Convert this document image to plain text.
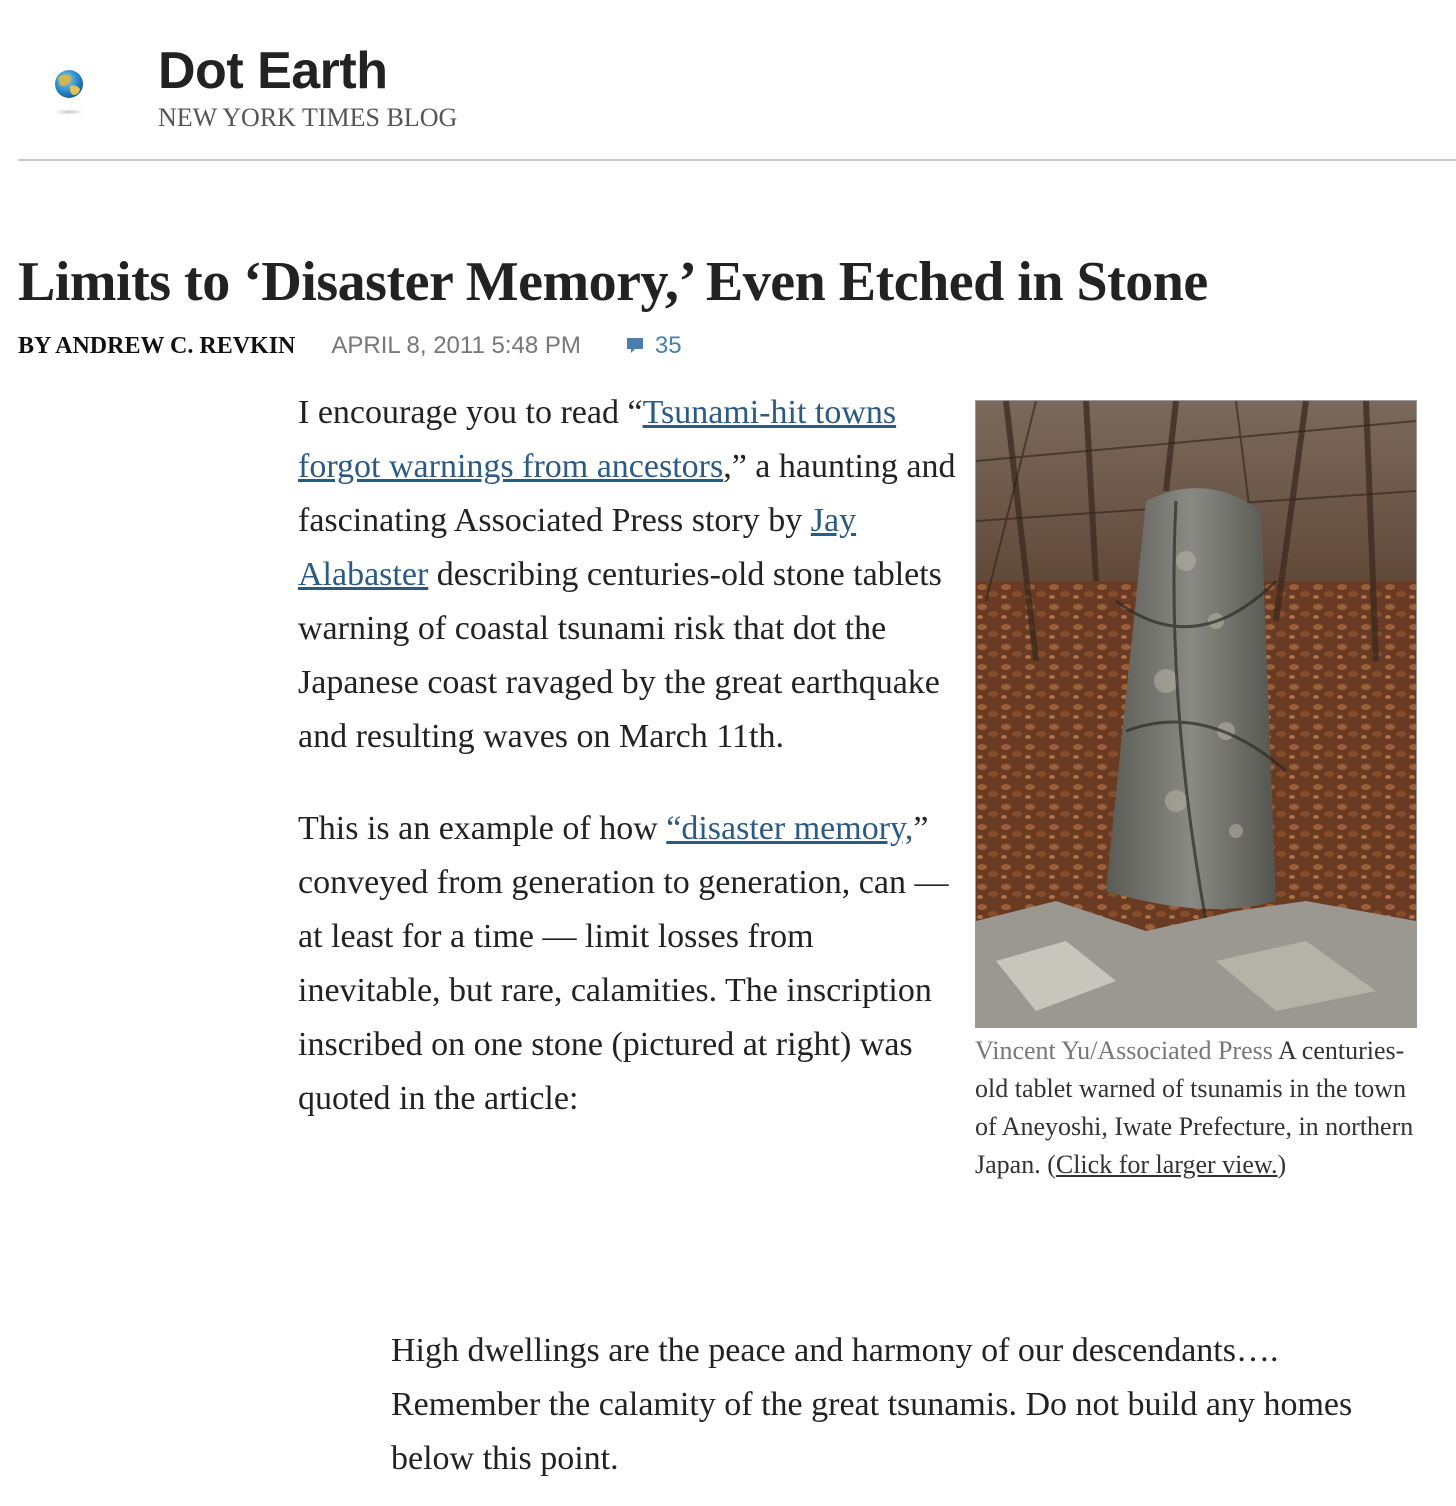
Dot Earth
NEW YORK TIMES BLOG
Limits to ‘Disaster Memory,’ Even Etched in Stone
BY ANDREW C. REVKIN APRIL 8, 2011 5:48 PM	35

I encourage you to read “Tsunami-hit towns forgot warnings from ancestors,” a haunting and fascinating Associated Press story by Jay Alabaster describing centuries-old stone tablets warning of coastal tsunami risk that dot the Japanese coast ravaged by the great earthquake and resulting waves on March 11th.

This is an example of how “disaster memory,” conveyed from generation to generation, can — at least for a time — limit losses from inevitable, but rare, calamities. The inscription inscribed on one stone (pictured at right) was quoted in the article:

Vincent Yu/Associated Press A centuries-old tablet warned of tsunamis in the town of Aneyoshi, Iwate Prefecture, in northern Japan. (Click for larger view.)
High dwellings are the peace and harmony of our descendants…. Remember the calamity of the great tsunamis. Do not build any homes below this point.
